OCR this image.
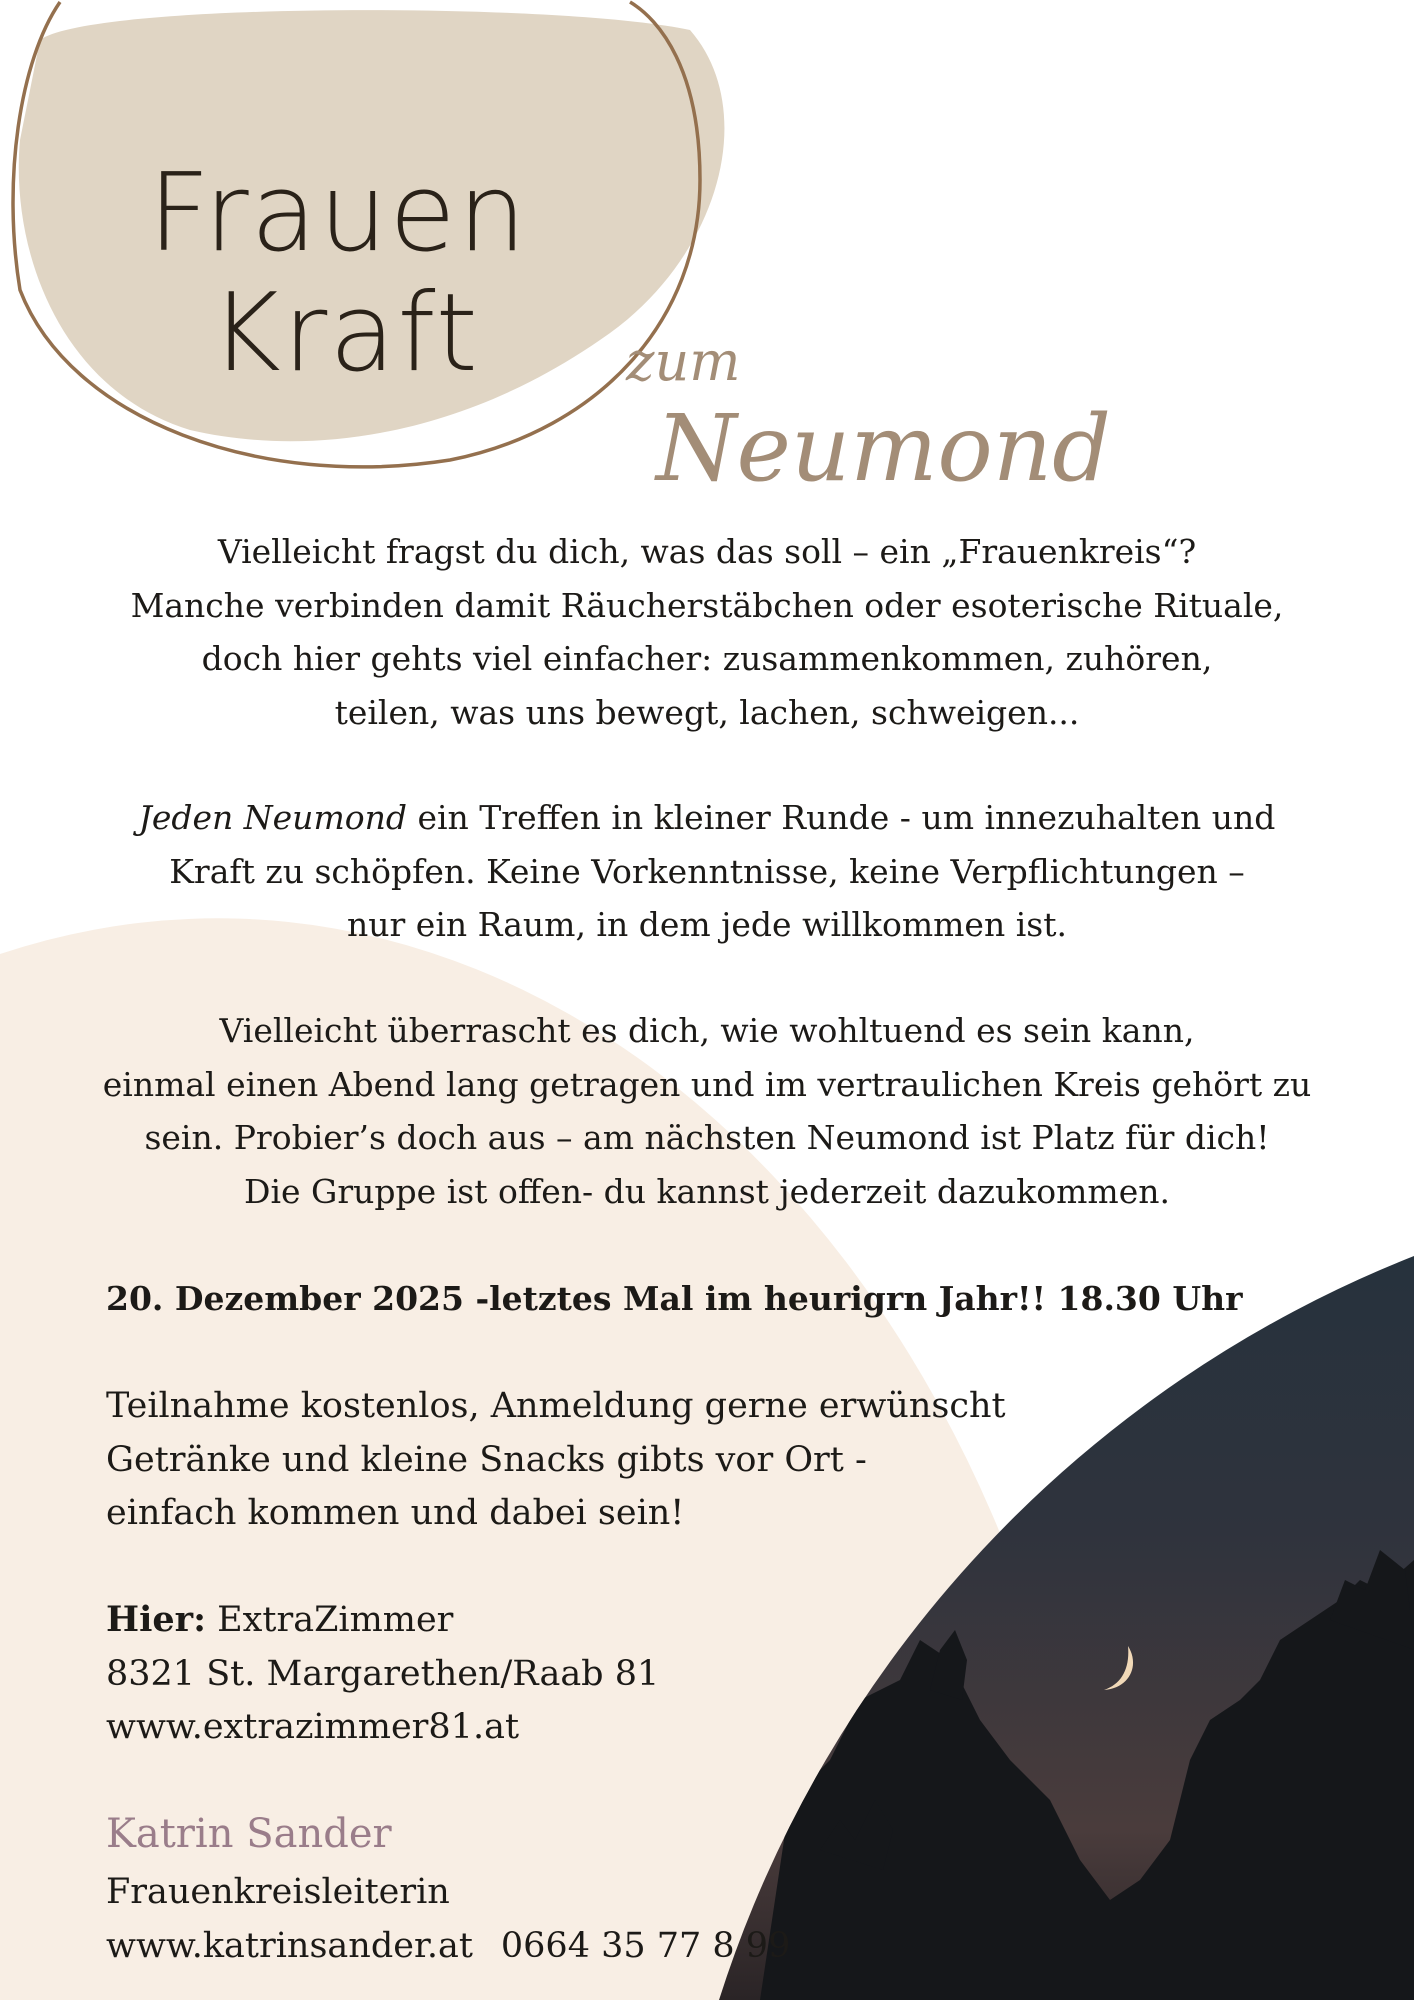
Frauen
Kraft	zum
Neumond
Vielleicht fragst du dich, was das soll – ein „Frauenkreis“?
Manche verbinden damit Räucherstäbchen oder esoterische Rituale,
doch hier gehts viel einfacher: zusammenkommen, zuhören,
teilen, was uns bewegt, lachen, schweigen...
Jeden Neumond ein Treffen in kleiner Runde - um innezuhalten und
Kraft zu schöpfen. Keine Vorkenntnisse, keine Verpflichtungen –
nur ein Raum, in dem jede willkommen ist.
Vielleicht überrascht es dich, wie wohltuend es sein kann,
einmal einen Abend lang getragen und im vertraulichen Kreis gehört zu
sein. Probier’s doch aus – am nächsten Neumond ist Platz für dich!
Die Gruppe ist offen- du kannst jederzeit dazukommen.
20. Dezember 2025 -letztes Mal im heurigrn Jahr!! 18.30 Uhr
Teilnahme kostenlos, Anmeldung gerne erwünscht
Getränke und kleine Snacks gibts vor Ort -
einfach kommen und dabei sein!
Hier: ExtraZimmer
8321 St. Margarethen/Raab 81
www.extrazimmer81.at
Katrin Sander
Frauenkreisleiterin
www.katrinsander.at 0664 35 77 8 99
